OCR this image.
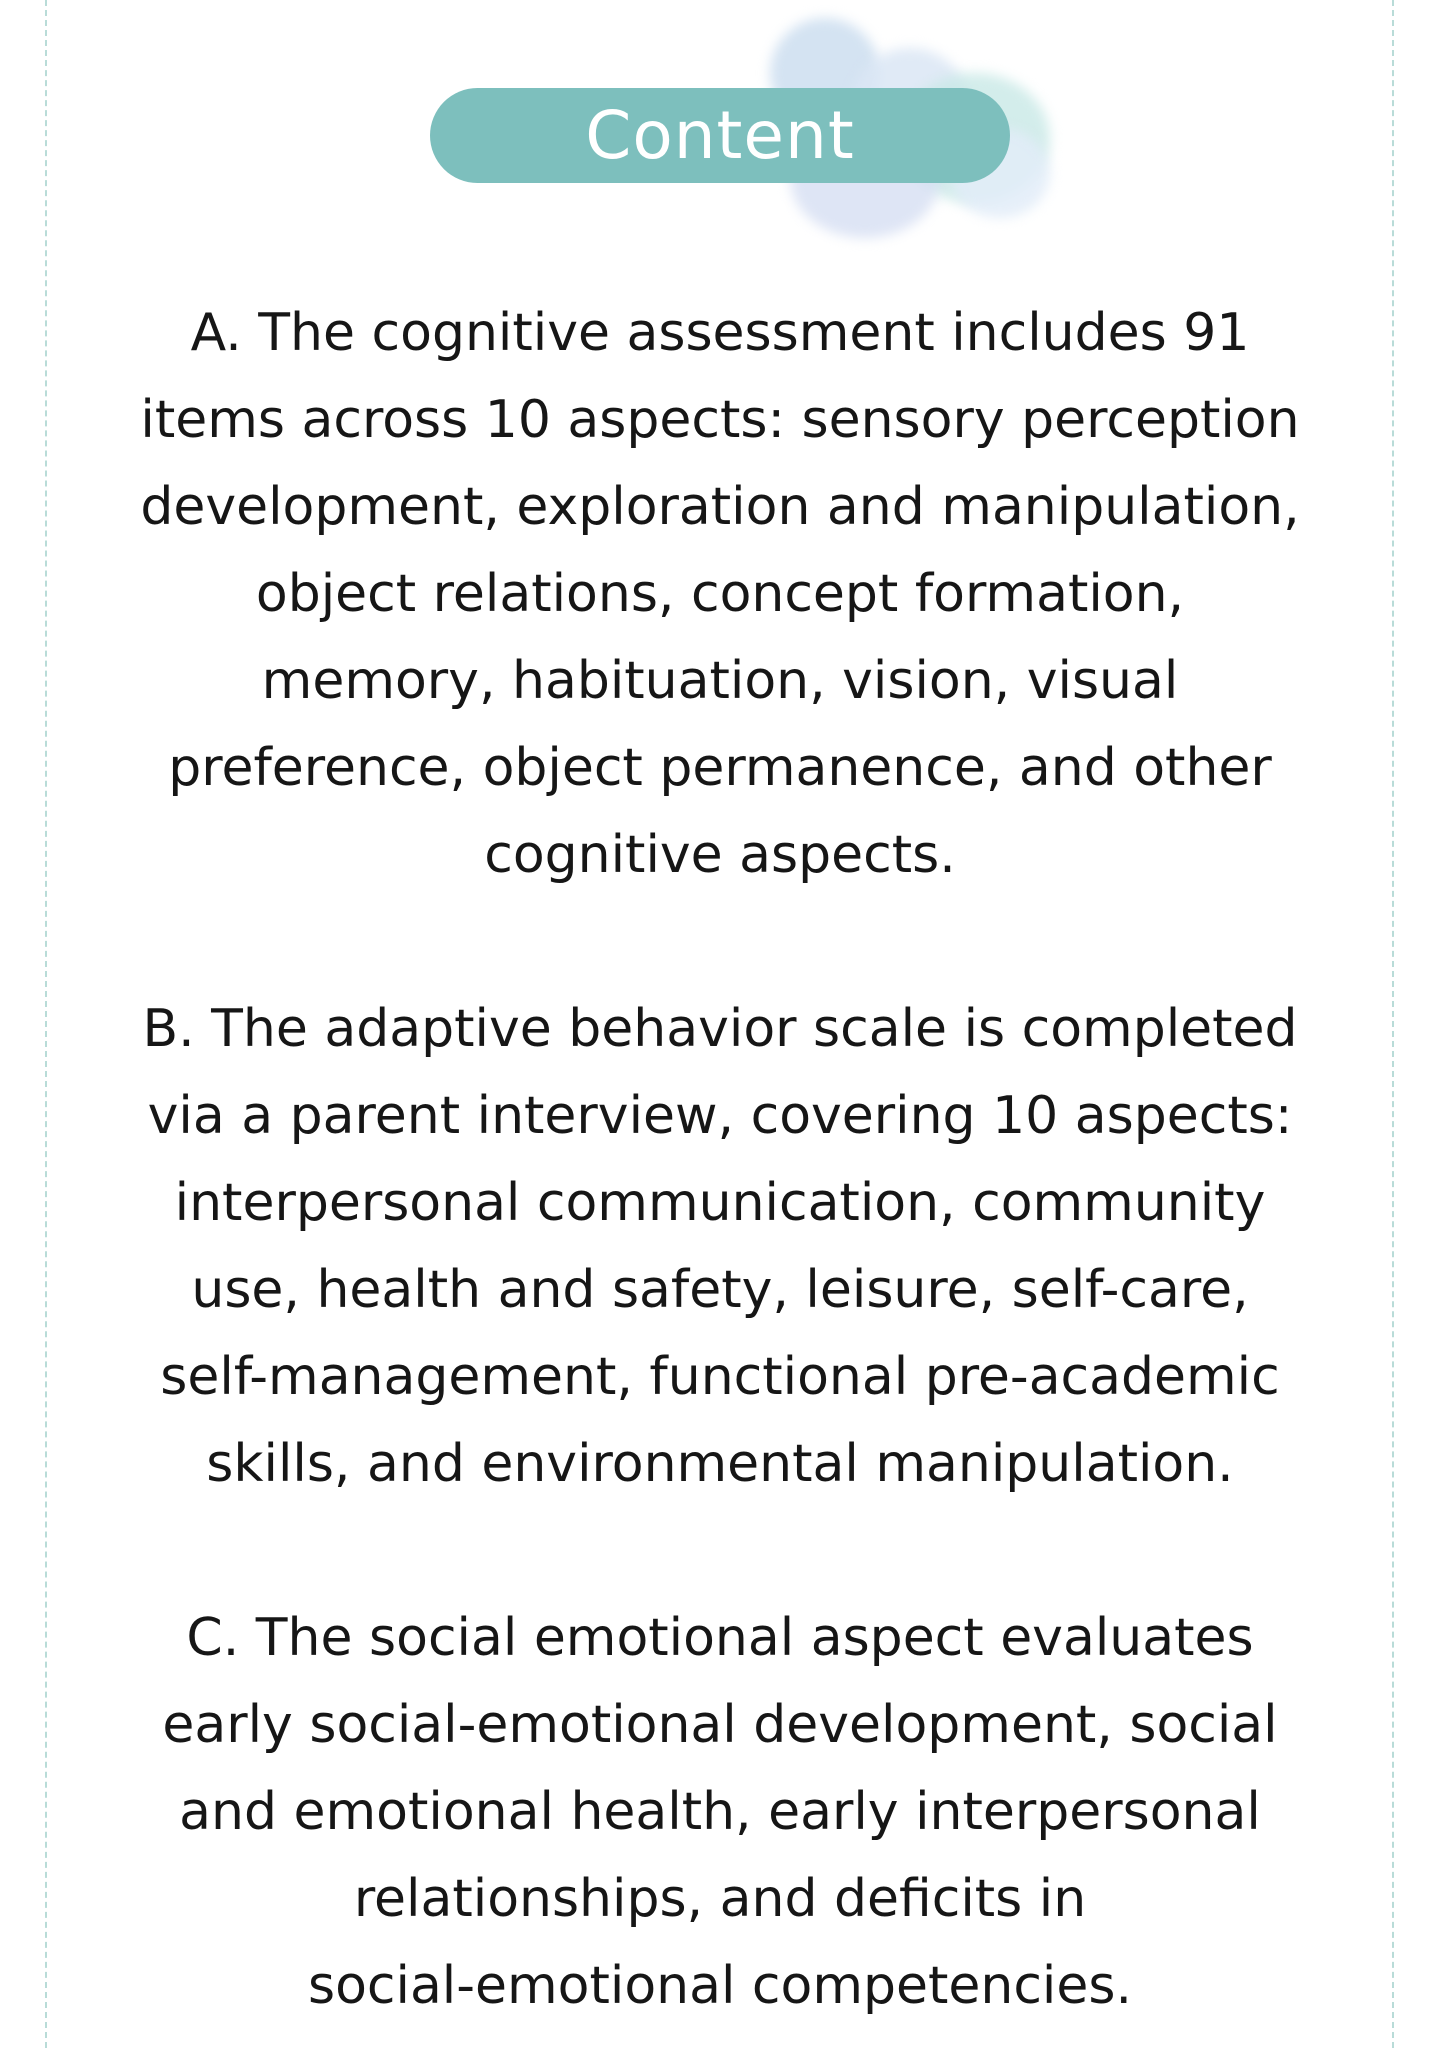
Content

A. The cognitive assessment includes 91
items across 10 aspects: sensory perception
development, exploration and manipulation,
object relations, concept formation,
memory, habituation, vision, visual
preference, object permanence, and other
cognitive aspects.

B. The adaptive behavior scale is completed
via a parent interview, covering 10 aspects:
interpersonal communication, community
use, health and safety, leisure, self-care,
self-management, functional pre-academic
skills, and environmental manipulation.

C. The social emotional aspect evaluates
early social-emotional development, social
and emotional health, early interpersonal
relationships, and deficits in
social-emotional competencies.
